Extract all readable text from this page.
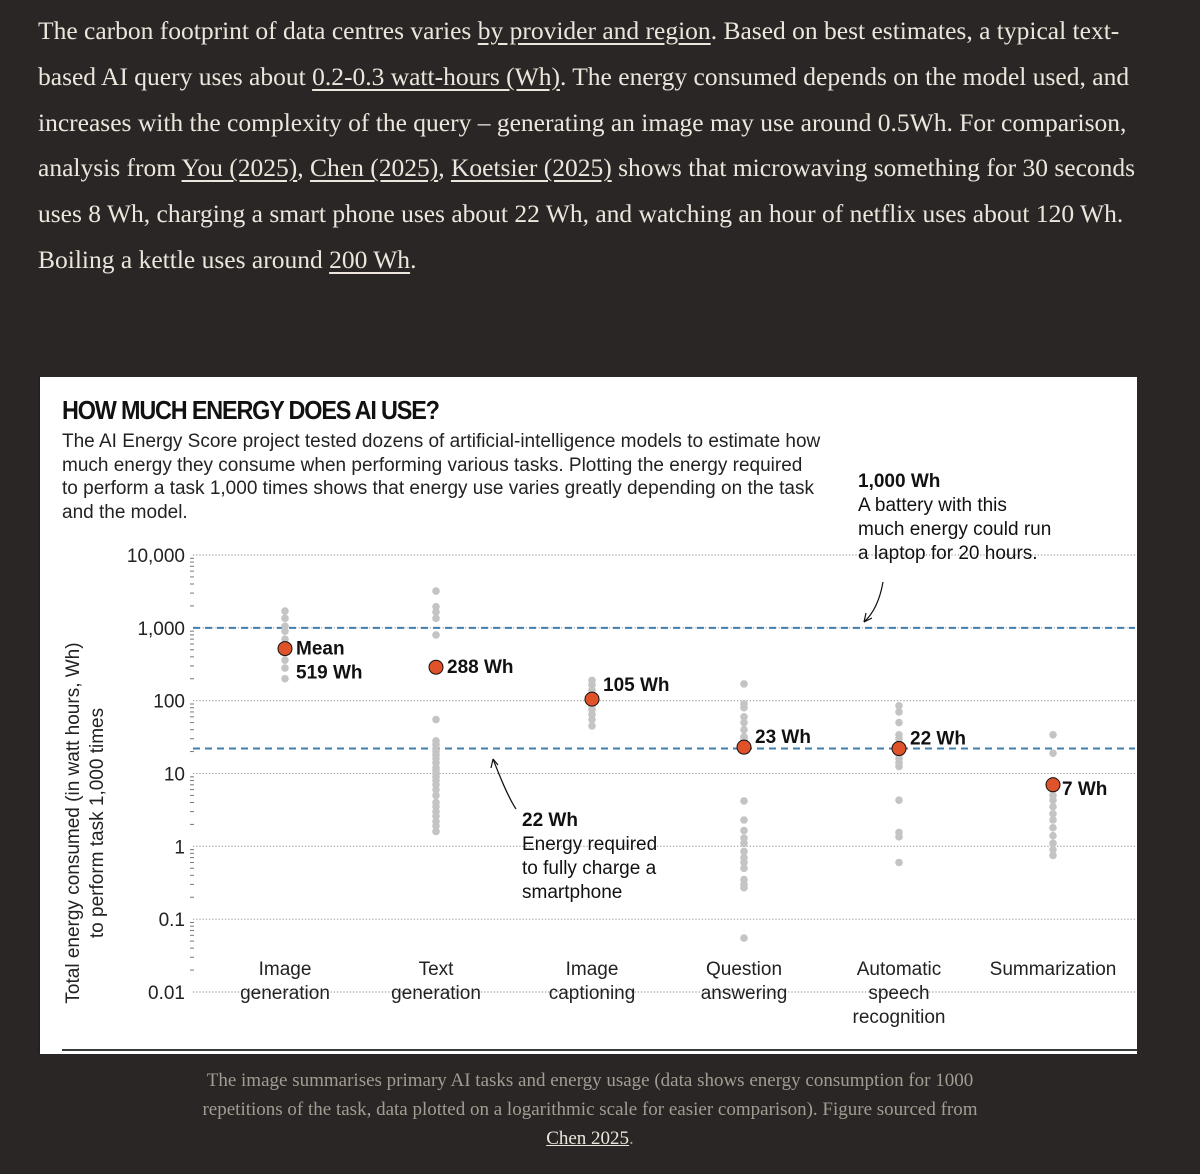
The carbon footprint of data centres varies by provider and region. Based on best estimates, a typical text-based AI query uses about 0.2-0.3 watt-hours (Wh). The energy consumed depends on the model used, and increases with the complexity of the query – generating an image may use around 0.5Wh. For comparison, analysis from You (2025), Chen (2025), Koetsier (2025) shows that microwaving something for 30 seconds uses 8 Wh, charging a smart phone uses about 22 Wh, and watching an hour of netflix uses about 120 Wh. Boiling a kettle uses around 200 Wh.
HOW MUCH ENERGY DOES AI USE?
The AI Energy Score project tested dozens of artificial-intelligence models to estimate how much energy they consume when performing various tasks. Plotting the energy required to perform a task 1,000 times shows that energy use varies greatly depending on the task and the model.
10,000
1,000
100
10
1
0.1
0.01
Total energy consumed (in watt hours, Wh) to perform task 1,000 times
1,000 Wh
A battery with this
much energy could run
a laptop for 20 hours.
22 Wh
Energy required
to fully charge a
smartphone
Mean
519 Wh	288 Wh
105 Wh
23 Wh	22 Wh
7 Wh
Image
generation
Text
generation
Image
captioning
Question
answering
Automatic
speech
recognition
Summarization
The image summarises primary AI tasks and energy usage (data shows energy consumption for 1000 repetitions of the task, data plotted on a logarithmic scale for easier comparison). Figure sourced from Chen 2025.
